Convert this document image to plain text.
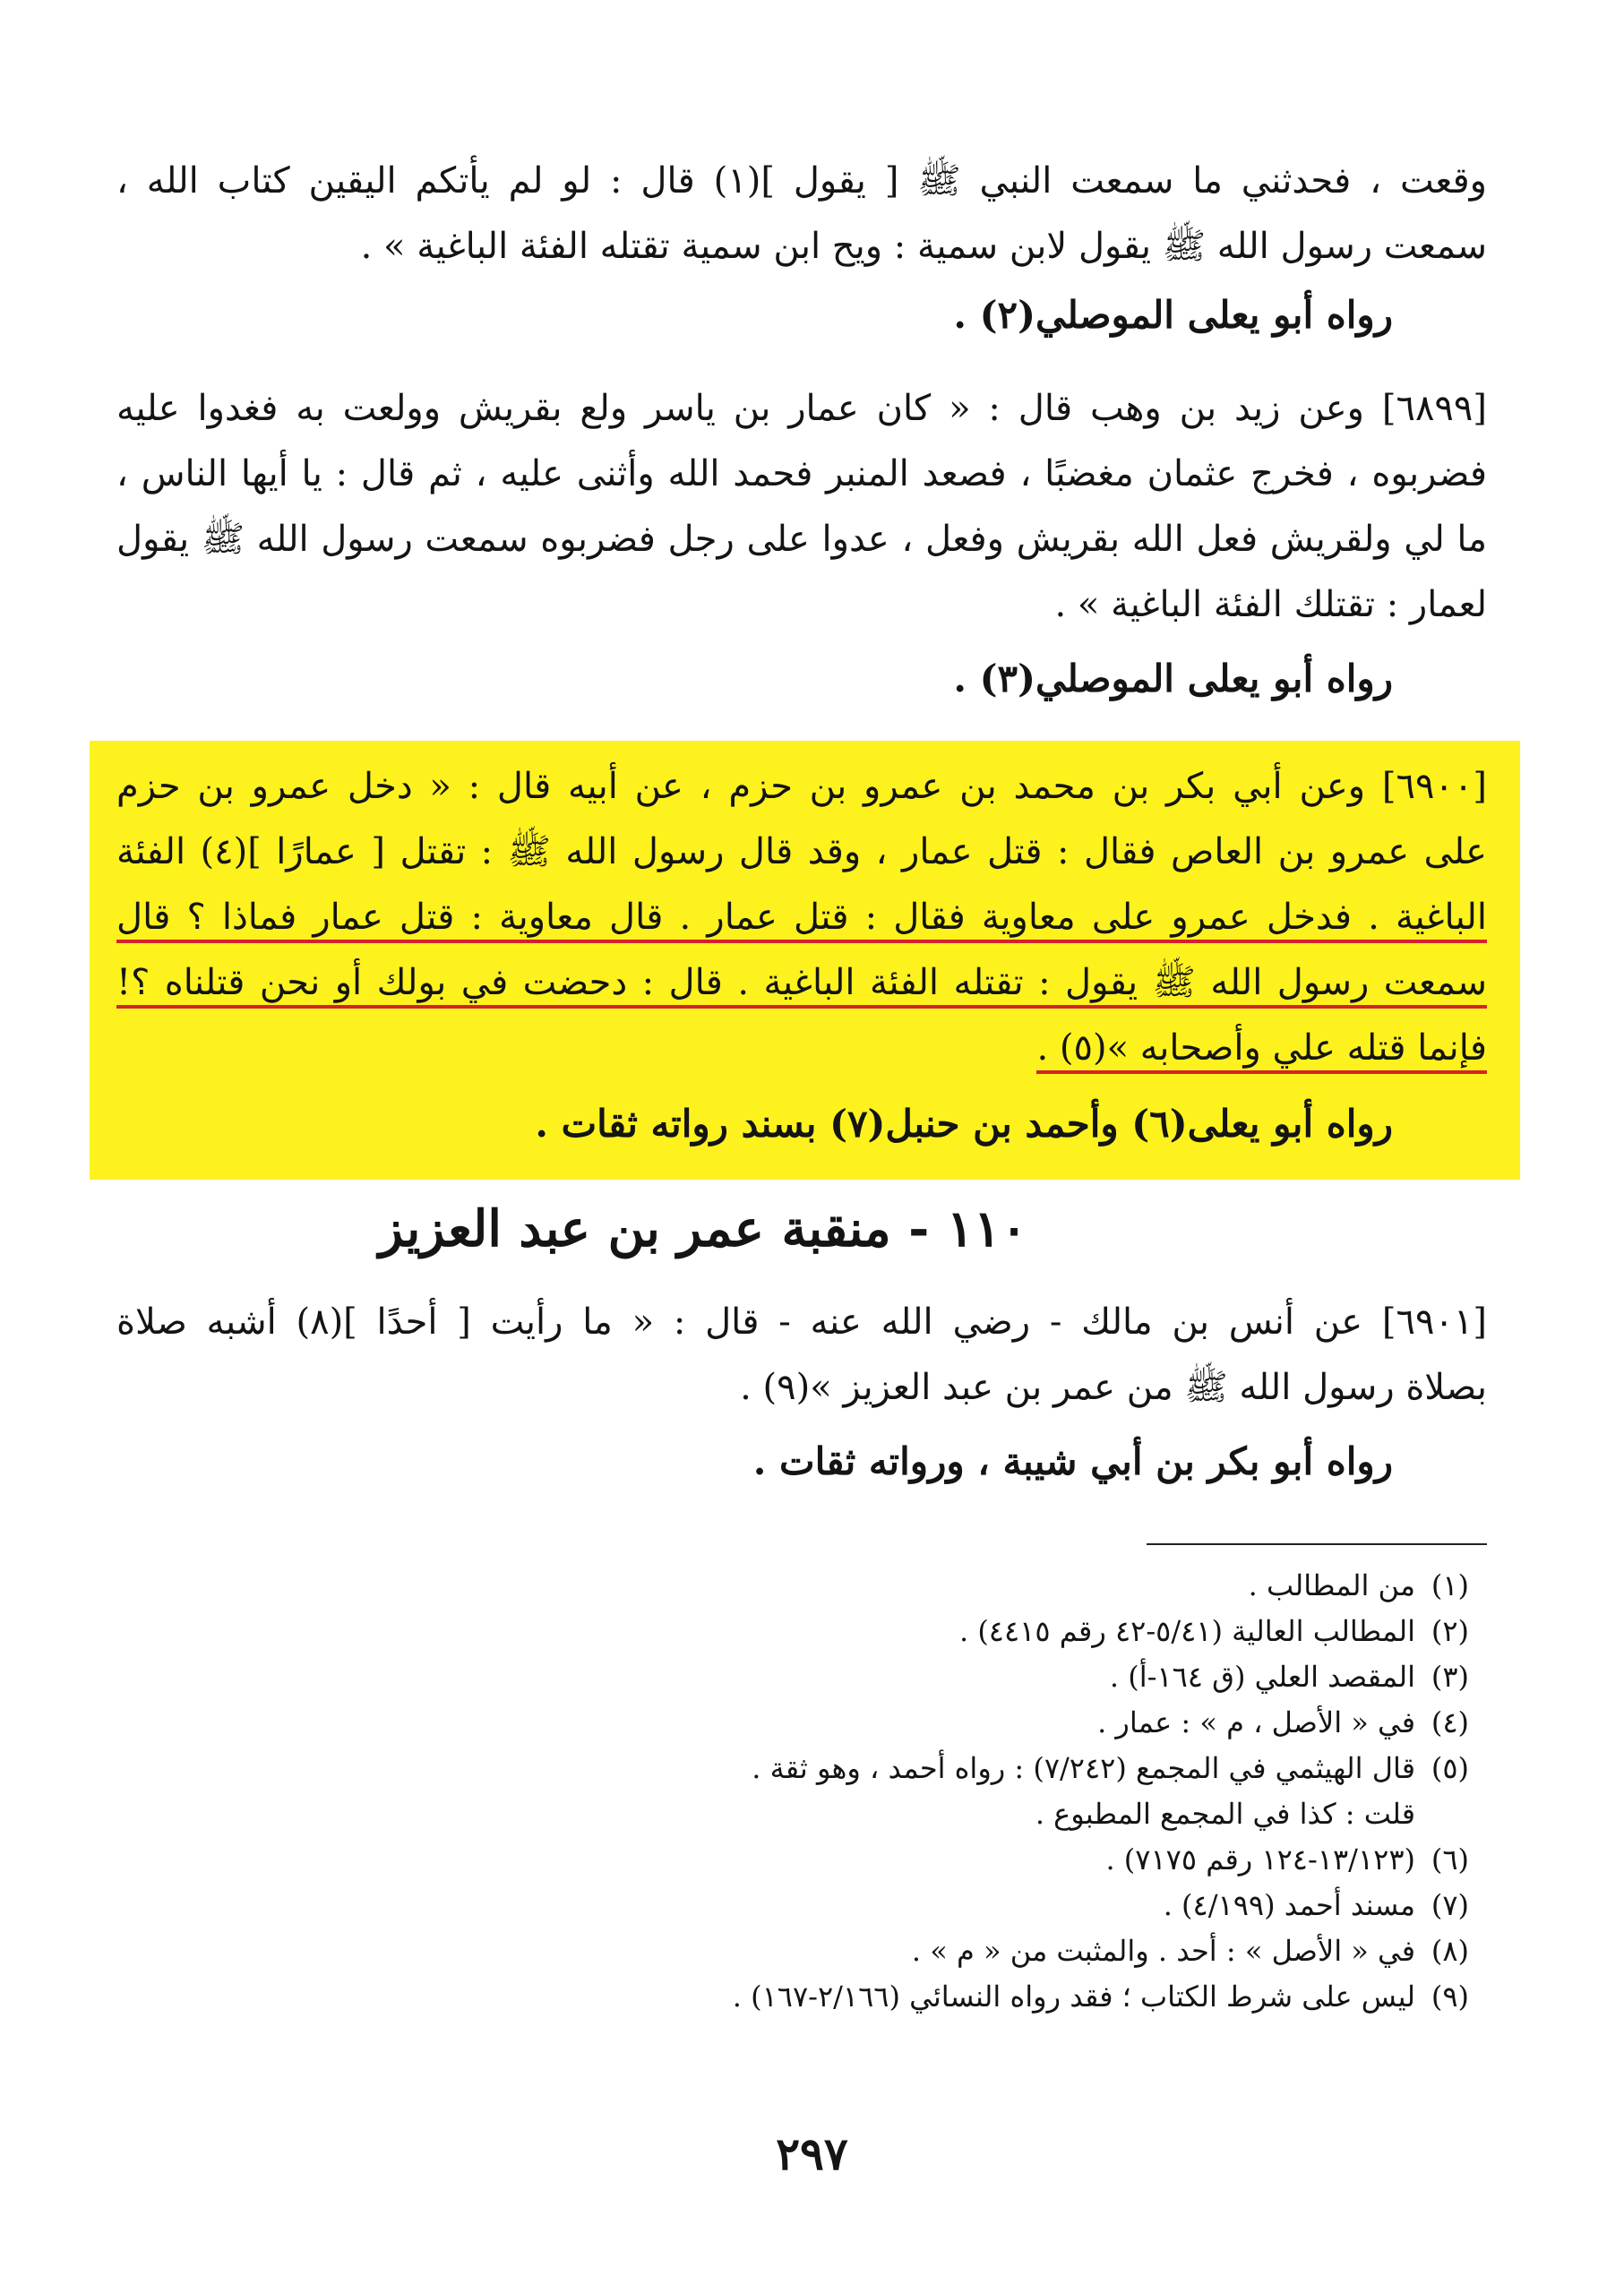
وقعت ، فحدثني ما سمعت النبي ﷺ [ يقول ](١) قال : لو لم يأتكم اليقين كتاب الله ،
سمعت رسول الله ﷺ يقول لابن سمية : ويح ابن سمية تقتله الفئة الباغية » .
رواه أبو يعلى الموصلي(٢) .
[٦٨٩٩] وعن زيد بن وهب قال : « كان عمار بن ياسر ولع بقريش وولعت به فغدوا عليه
فضربوه ، فخرج عثمان مغضبًا ، فصعد المنبر فحمد الله وأثنى عليه ، ثم قال : يا أيها الناس ،
ما لي ولقريش فعل الله بقريش وفعل ، عدوا على رجل فضربوه سمعت رسول الله ﷺ يقول
لعمار : تقتلك الفئة الباغية » .
رواه أبو يعلى الموصلي(٣) .
[٦٩٠٠] وعن أبي بكر بن محمد بن عمرو بن حزم ، عن أبيه قال : « دخل عمرو بن حزم
على عمرو بن العاص فقال : قتل عمار ، وقد قال رسول الله ﷺ : تقتل [ عمارًا ](٤) الفئة
الباغية . فدخل عمرو على معاوية فقال : قتل عمار . قال معاوية : قتل عمار فماذا ؟ قال
سمعت رسول الله ﷺ يقول : تقتله الفئة الباغية . قال : دحضت في بولك أو نحن قتلناه ؟!
فإنما قتله علي وأصحابه »(٥) .
رواه أبو يعلى(٦) وأحمد بن حنبل(٧) بسند رواته ثقات .
١١٠ - منقبة عمر بن عبد العزيز
[٦٩٠١] عن أنس بن مالك - رضي الله عنه - قال : « ما رأيت [ أحدًا ](٨) أشبه صلاة
بصلاة رسول الله ﷺ من عمر بن عبد العزيز »(٩) .
رواه أبو بكر بن أبي شيبة ، ورواته ثقات .
(١)
من المطالب .
(٢)
المطالب العالية (٥/٤١-٤٢ رقم ٤٤١٥) .
(٣)
المقصد العلي (ق ١٦٤-أ) .
(٤)
في « الأصل ، م » : عمار .
(٥)
قال الهيثمي في المجمع (٧/٢٤٢) : رواه أحمد ، وهو ثقة .
قلت : كذا في المجمع المطبوع .
(٦)
(١٣/١٢٣-١٢٤ رقم ٧١٧٥) .
(٧)
مسند أحمد (٤/١٩٩) .
(٨)
في « الأصل » : أحد . والمثبت من « م » .
(٩)
ليس على شرط الكتاب ؛ فقد رواه النسائي (٢/١٦٦-١٦٧) .
٢٩٧
